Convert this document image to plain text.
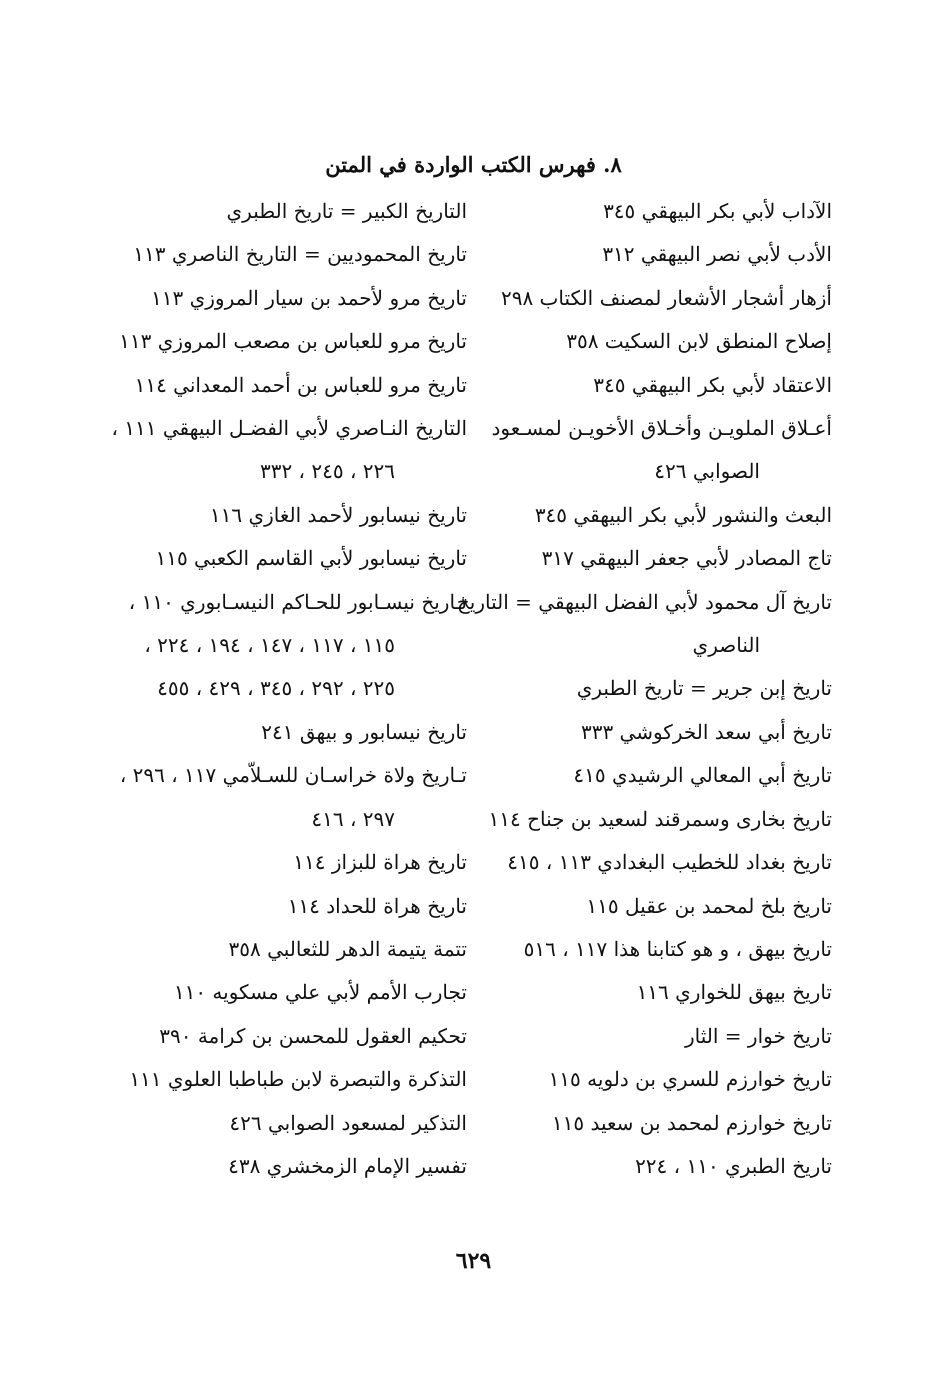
٨. فهرس الكتب الواردة في المتن
الآداب لأبي بكر البيهقي ٣٤٥
الأدب لأبي نصر البيهقي ٣١٢
أزهار أشجار الأشعار لمصنف الكتاب ٢٩٨
إصلاح المنطق لابن السكيت ٣٥٨
الاعتقاد لأبي بكر البيهقي ٣٤٥
أعـلاق الملويـن وأخـلاق الأخويـن لمسـعود
الصوابي ٤٢٦
البعث والنشور لأبي بكر البيهقي ٣٤٥
تاج المصادر لأبي جعفر البيهقي ٣١٧
تاريخ آل محمود لأبي الفضل البيهقي = التاريخ
الناصري
تاريخ إبن جرير = تاريخ الطبري
تاريخ أبي سعد الخركوشي ٣٣٣
تاريخ أبي المعالي الرشيدي ٤١٥
تاريخ بخارى وسمرقند لسعيد بن جناح ١١٤
تاريخ بغداد للخطيب البغدادي ١١٣ ، ٤١٥
تاريخ بلخ لمحمد بن عقيل ١١٥
تاريخ بيهق ، و هو كتابنا هذا ١١٧ ، ٥١٦
تاريخ بيهق للخواري ١١٦
تاريخ خوار = الثار
تاريخ خوارزم للسري بن دلويه ١١٥
تاريخ خوارزم لمحمد بن سعيد ١١٥
تاريخ الطبري ١١٠ ، ٢٢٤
التاريخ الكبير = تاريخ الطبري
تاريخ المحموديين = التاريخ الناصري ١١٣
تاريخ مرو لأحمد بن سيار المروزي ١١٣
تاريخ مرو للعباس بن مصعب المروزي ١١٣
تاريخ مرو للعباس بن أحمد المعداني ١١٤
التاريخ النـاصري لأبي الفضـل البيهقي ١١١ ،
٢٢٦ ، ٢٤٥ ، ٣٣٢
تاريخ نيسابور لأحمد الغازي ١١٦
تاريخ نيسابور لأبي القاسم الكعبي ١١٥
تـاريخ نيسـابور للحـاكم النيسـابوري ١١٠ ،
١١٥ ، ١١٧ ، ١٤٧ ، ١٩٤ ، ٢٢٤ ،
٢٢٥ ، ٢٩٢ ، ٣٤٥ ، ٤٢٩ ، ٤٥٥
تاريخ نيسابور و بيهق ٢٤١
تـاريخ ولاة خراسـان للسـلاّمي ١١٧ ، ٢٩٦ ،
٢٩٧ ، ٤١٦
تاريخ هراة للبزاز ١١٤
تاريخ هراة للحداد ١١٤
تتمة يتيمة الدهر للثعالبي ٣٥٨
تجارب الأمم لأبي علي مسكويه ١١٠
تحكيم العقول للمحسن بن كرامة ٣٩٠
التذكرة والتبصرة لابن طباطبا العلوي ١١١
التذكير لمسعود الصوابي ٤٢٦
تفسير الإمام الزمخشري ٤٣٨
٦٢٩
